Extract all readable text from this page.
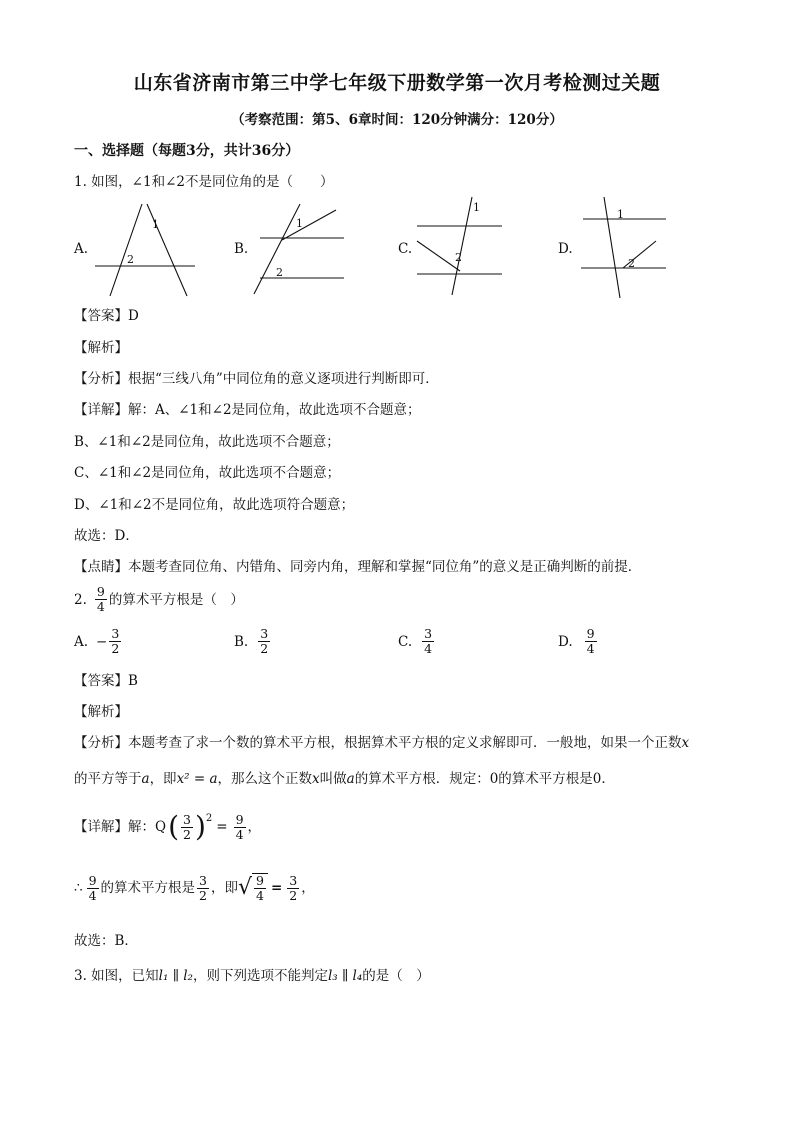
山东省济南市第三中学七年级下册数学第一次月考检测过关题
（考察范围：第5、6章时间：120分钟满分：120分）
一、选择题（每题3分，共计36分）
1. 如图，∠1和∠2不是同位角的是（　　）
A.	B.	C.	D.
1
2
1
2
1
2
1
2
【答案】D
【解析】
【分析】根据“三线八角”中同位角的意义逐项进行判断即可．
【详解】解：A、∠1和∠2是同位角，故此选项不合题意；
B、∠1和∠2是同位角，故此选项不合题意；
C、∠1和∠2是同位角，故此选项不合题意；
D、∠1和∠2不是同位角，故此选项符合题意；
故选：D．
【点睛】本题考查同位角、内错角、同旁内角，理解和掌握“同位角”的意义是正确判断的前提．
2. $\frac{9}{4}$ 的算术平方根是（　）
A. − $\frac{3}{2}$	B. $\frac{3}{2}$	C. $\frac{3}{4}$	D. $\frac{9}{4}$
【答案】B
【解析】
【分析】本题考查了求一个数的算术平方根，根据算术平方根的定义求解即可．一般地，如果一个正数x
的平方等于a，即x² = a，那么这个正数x叫做a的算术平方根．规定：0的算术平方根是0．
【详解】解： Q ( $\frac{3}{2}$ ) 2
= $\frac{9}{4}$ ，
∴ $\frac{9}{4}$ 的算术平方根是 $\frac{3}{2}$ ，即 √ $\frac{9}{4} = \frac{3}{2}$ ，
故选：B．
3. 如图，已知l₁ ∥ l₂，则下列选项不能判定l₃ ∥ l₄的是（　）
